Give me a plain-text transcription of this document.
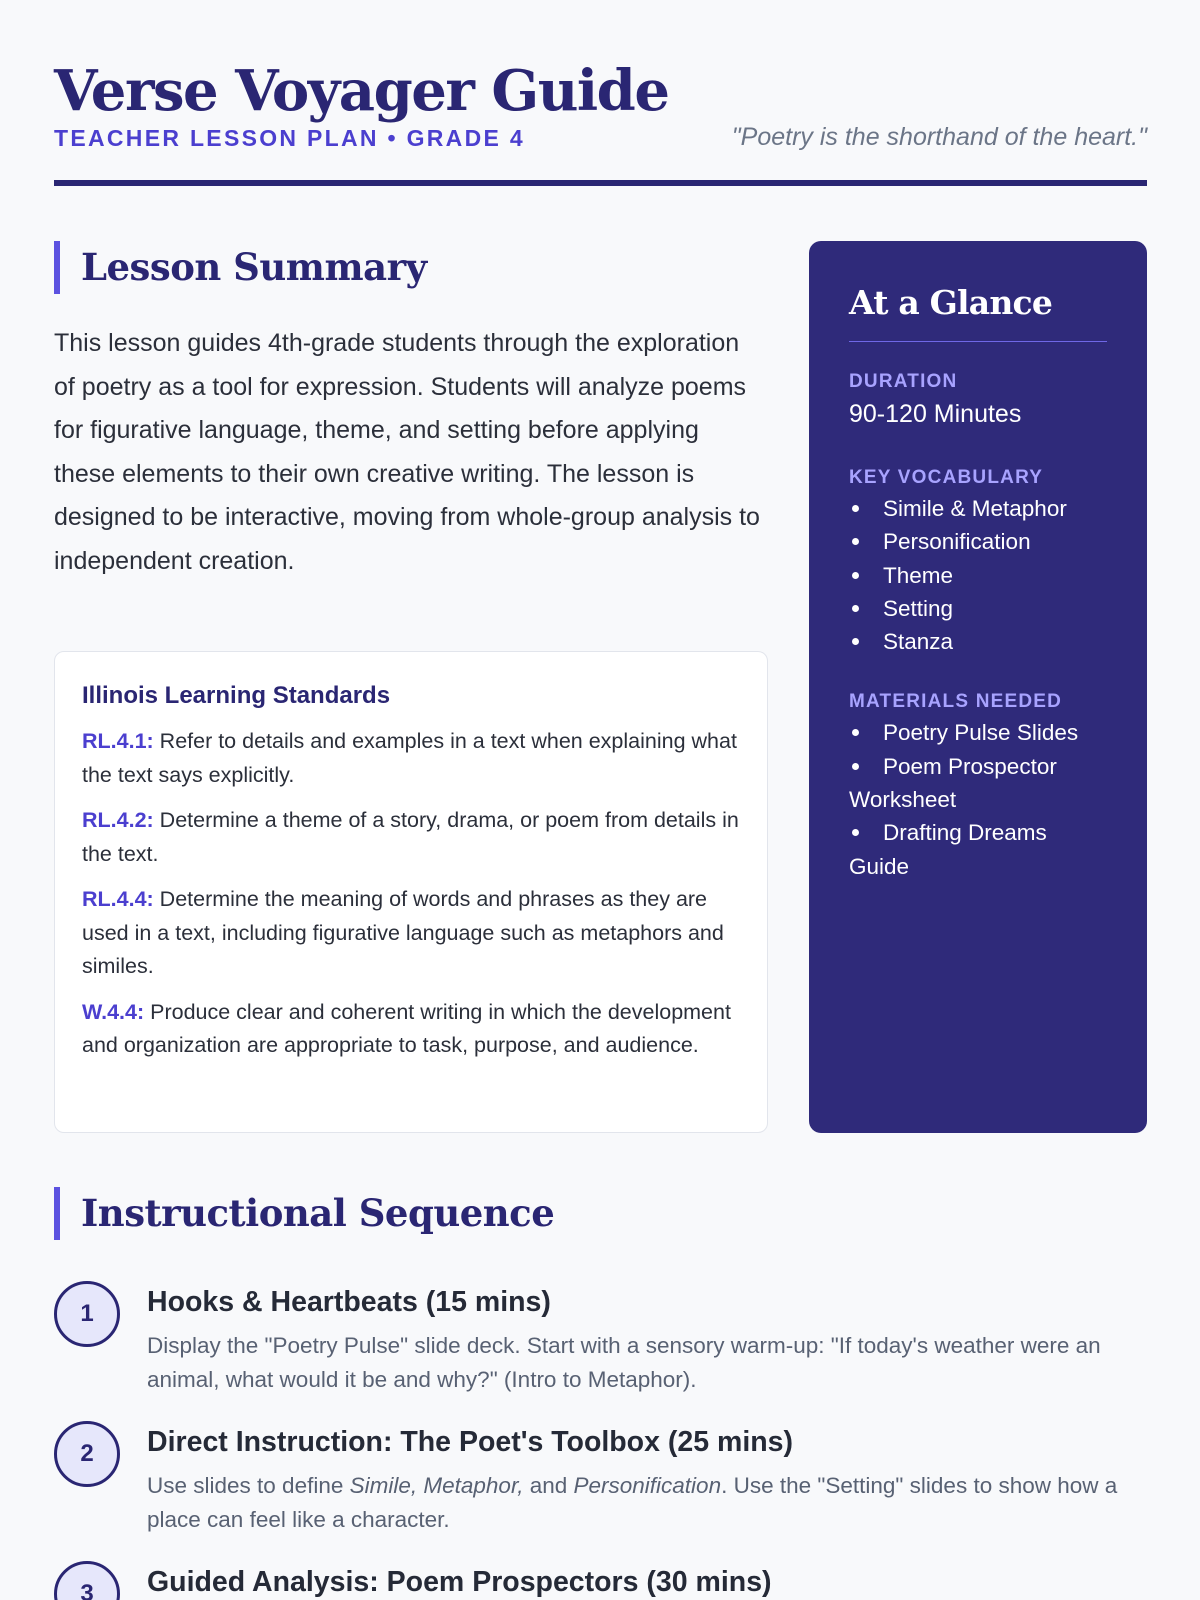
Verse Voyager Guide
TEACHER LESSON PLAN • GRADE 4	"Poetry is the shorthand of the heart."
Lesson Summary

This lesson guides 4th-grade students through the exploration of poetry as a tool for expression. Students will analyze poems for figurative language, theme, and setting before applying these elements to their own creative writing. The lesson is designed to be interactive, moving from whole-group analysis to independent creation.

Illinois Learning Standards

RL.4.1: Refer to details and examples in a text when explaining what the text says explicitly.

RL.4.2: Determine a theme of a story, drama, or poem from details in the text.

RL.4.4: Determine the meaning of words and phrases as they are used in a text, including figurative language such as metaphors and similes.

W.4.4: Produce clear and coherent writing in which the development and organization are appropriate to task, purpose, and audience.

At a Glance
DURATION
90-120 Minutes
KEY VOCABULARY
Simile & Metaphor
Personification
Theme
Setting
Stanza
MATERIALS NEEDED
Poetry Pulse Slides
Poem Prospector Worksheet
Drafting Dreams Guide
Instructional Sequence
1	Hooks & Heartbeats (15 mins)

Display the "Poetry Pulse" slide deck. Start with a sensory warm-up: "If today's weather were an animal, what would it be and why?" (Intro to Metaphor).

2	Direct Instruction: The Poet's Toolbox (25 mins)

Use slides to define Simile, Metaphor, and Personification. Use the "Setting" slides to show how a place can feel like a character.

3	Guided Analysis: Poem Prospectors (30 mins)
